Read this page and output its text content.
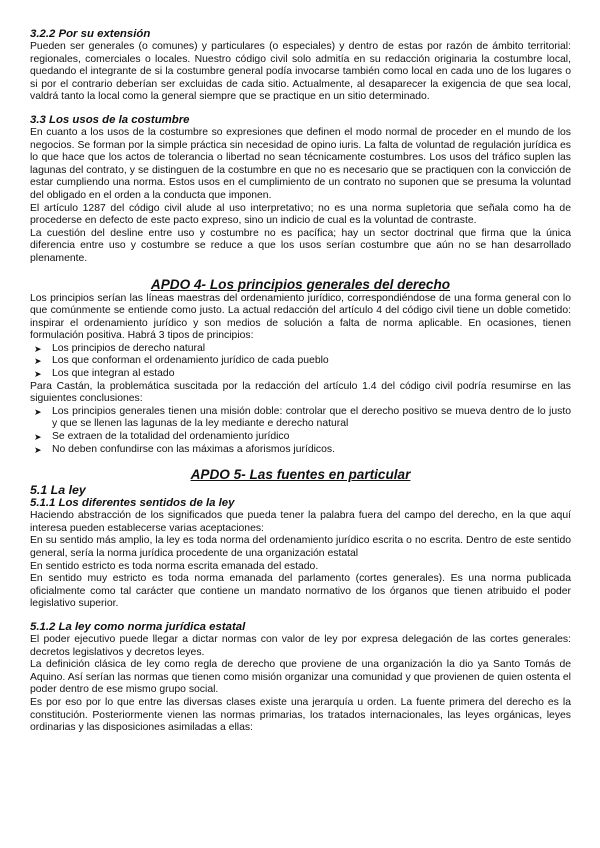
3.2.2 Por su extensión

Pueden ser generales (o comunes) y particulares (o especiales) y dentro de estas por razón de ámbito territorial: regionales, comerciales o locales. Nuestro código civil solo admitía en su redacción originaria la costumbre local, quedando el integrante de si la costumbre general podía invocarse también como local en cada uno de los lugares o si por el contrario deberían ser excluidas de cada sitio. Actualmente, al desaparecer la exigencia de que sea local, valdrá tanto la local como la general siempre que se practique en un sitio determinado.

3.3 Los usos de la costumbre

En cuanto a los usos de la costumbre so expresiones que definen el modo normal de proceder en el mundo de los negocios. Se forman por la simple práctica sin necesidad de opino iuris. La falta de voluntad de regulación jurídica es lo que hace que los actos de tolerancia o libertad no sean técnicamente costumbres. Los usos del tráfico suplen las lagunas del contrato, y se distinguen de la costumbre en que no es necesario que se practiquen con la convicción de estar cumpliendo una norma. Estos usos en el cumplimiento de un contrato no suponen que se presuma la voluntad del obligado en el orden a la conducta que imponen.

El artículo 1287 del código civil alude al uso interpretativo; no es una norma supletoria que señala como ha de procederse en defecto de este pacto expreso, sino un indicio de cual es la voluntad de contraste.

La cuestión del desline entre uso y costumbre no es pacífica; hay un sector doctrinal que firma que la única diferencia entre uso y costumbre se reduce a que los usos serían costumbre que aún no se han desarrollado plenamente.

APDO 4- Los principios generales del derecho

Los principios serían las líneas maestras del ordenamiento jurídico, correspondiéndose de una forma general con lo que comúnmente se entiende como justo. La actual redacción del artículo 4 del código civil tiene un doble cometido: inspirar el ordenamiento jurídico y son medios de solución a falta de norma aplicable. En ocasiones, tienen formulación positiva. Habrá 3 tipos de principios:

➤ Los principios de derecho natural
➤ Los que conforman el ordenamiento jurídico de cada pueblo
➤ Los que integran al estado

Para Castán, la problemática suscitada por la redacción del artículo 1.4 del código civil podría resumirse en las siguientes conclusiones:

➤ Los principios generales tienen una misión doble: controlar que el derecho positivo se mueva dentro de lo justo y que se llenen las lagunas de la ley mediante e derecho natural
➤ Se extraen de la totalidad del ordenamiento jurídico
➤ No deben confundirse con las máximas a aforismos jurídicos.
APDO 5- Las fuentes en particular
5.1 La ley
5.1.1 Los diferentes sentidos de la ley

Haciendo abstracción de los significados que pueda tener la palabra fuera del campo del derecho, en la que aquí interesa pueden establecerse varias aceptaciones:

En su sentido más amplio, la ley es toda norma del ordenamiento jurídico escrita o no escrita. Dentro de este sentido general, sería la norma jurídica procedente de una organización estatal

En sentido estricto es toda norma escrita emanada del estado.

En sentido muy estricto es toda norma emanada del parlamento (cortes generales). Es una norma publicada oficialmente como tal carácter que contiene un mandato normativo de los órganos que tienen atribuido el poder legislativo superior.

5.1.2 La ley como norma jurídica estatal

El poder ejecutivo puede llegar a dictar normas con valor de ley por expresa delegación de las cortes generales: decretos legislativos y decretos leyes.

La definición clásica de ley como regla de derecho que proviene de una organización la dio ya Santo Tomás de Aquino. Así serían las normas que tienen como misión organizar una comunidad y que provienen de quien ostenta el poder dentro de ese mismo grupo social.

Es por eso por lo que entre las diversas clases existe una jerarquía u orden. La fuente primera del derecho es la constitución. Posteriormente vienen las normas primarias, los tratados internacionales, las leyes orgánicas, leyes ordinarias y las disposiciones asimiladas a ellas:
